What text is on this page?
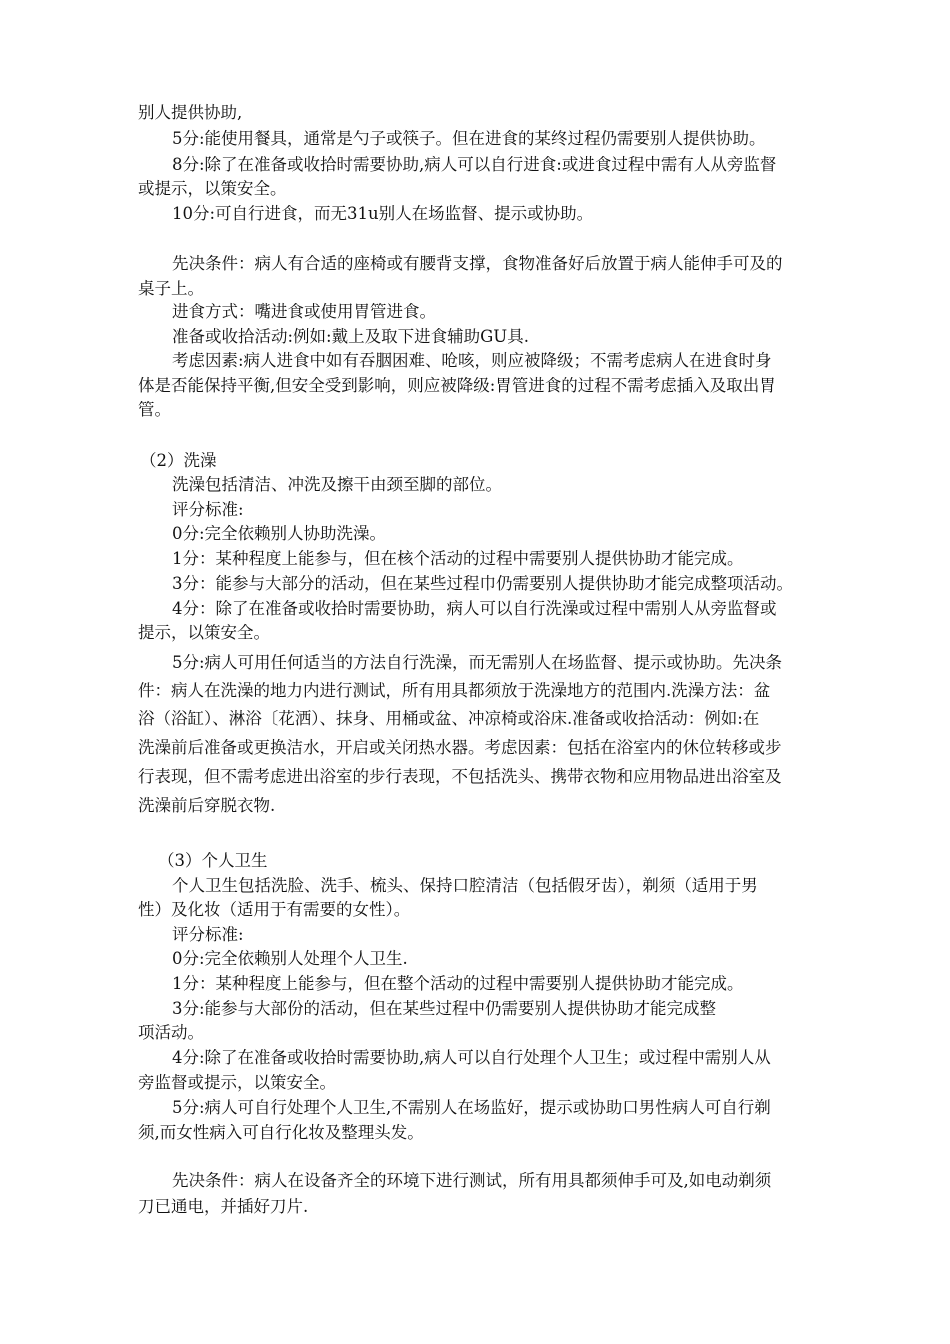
别人提供协助,
5分:能使用餐具，通常是勺子或筷子。但在进食的某终过程仍需要别人提供协助。
8分:除了在准备或收拾时需要协助,病人可以自行进食:或进食过程中需有人从旁监督
或提示，以策安全。
10分:可自行进食，而无31u别人在场监督、提示或协助。
先决条件：病人有合适的座椅或有腰背支撑，食物准备好后放置于病人能伸手可及的
桌子上。
进食方式：嘴进食或使用胃管进食。
准备或收拾活动:例如:戴上及取下进食辅助GU具.
考虑因素:病人进食中如有吞胭困难、呛咳，则应被降级；不需考虑病人在进食时身
体是否能保持平衡,但安全受到影响，则应被降级:胃管进食的过程不需考虑插入及取出胃
管。
（2）洗澡
洗澡包括清洁、冲洗及擦干由颈至脚的部位。
评分标准:
0分:完全依赖别人协助洗澡。
1分：某种程度上能参与，但在核个活动的过程中需要别人提供协助才能完成。
3分：能参与大部分的活动，但在某些过程巾仍需要别人提供协助才能完成整项活动。
4分：除了在准备或收拾时需要协助，病人可以自行洗澡或过程中需别人从旁监督或
提示，以策安全。
5分:病人可用任何适当的方法自行洗澡，而无需别人在场监督、提示或协助。先决条
件：病人在洗澡的地力内进行测试，所有用具都须放于洗澡地方的范围内.洗澡方法：盆
浴（浴缸）、淋浴〔花洒）、抹身、用桶或盆、冲凉椅或浴床.准备或收拾活动：例如:在
洗澡前后准备或更换洁水，开启或关闭热水器。考虑因素：包括在浴室内的休位转移或步
行表现，但不需考虑进出浴室的步行表现，不包括洗头、携带衣物和应用物品进出浴室及
洗澡前后穿脱衣物.
（3）个人卫生
个人卫生包括洗脸、洗手、梳头、保持口腔清洁（包括假牙齿），剃须（适用于男
性）及化妆（适用于有需要的女性）。
评分标准:
0分:完全依赖别人处理个人卫生.
1分：某种程度上能参与，但在整个活动的过程中需要别人提供协助才能完成。
3分:能参与大部份的活动，但在某些过程中仍需要别人提供协助才能完成整
项活动。
4分:除了在准备或收拾时需要协助,病人可以自行处理个人卫生；或过程中需别人从
旁监督或提示，以策安全。
5分:病人可自行处理个人卫生,不需别人在场监好，提示或协助口男性病人可自行剃
须,而女性病入可自行化妆及整理头发。
先决条件：病人在设备齐全的环境下进行测试，所有用具都须伸手可及,如电动剃须
刀已通电，并插好刀片.
